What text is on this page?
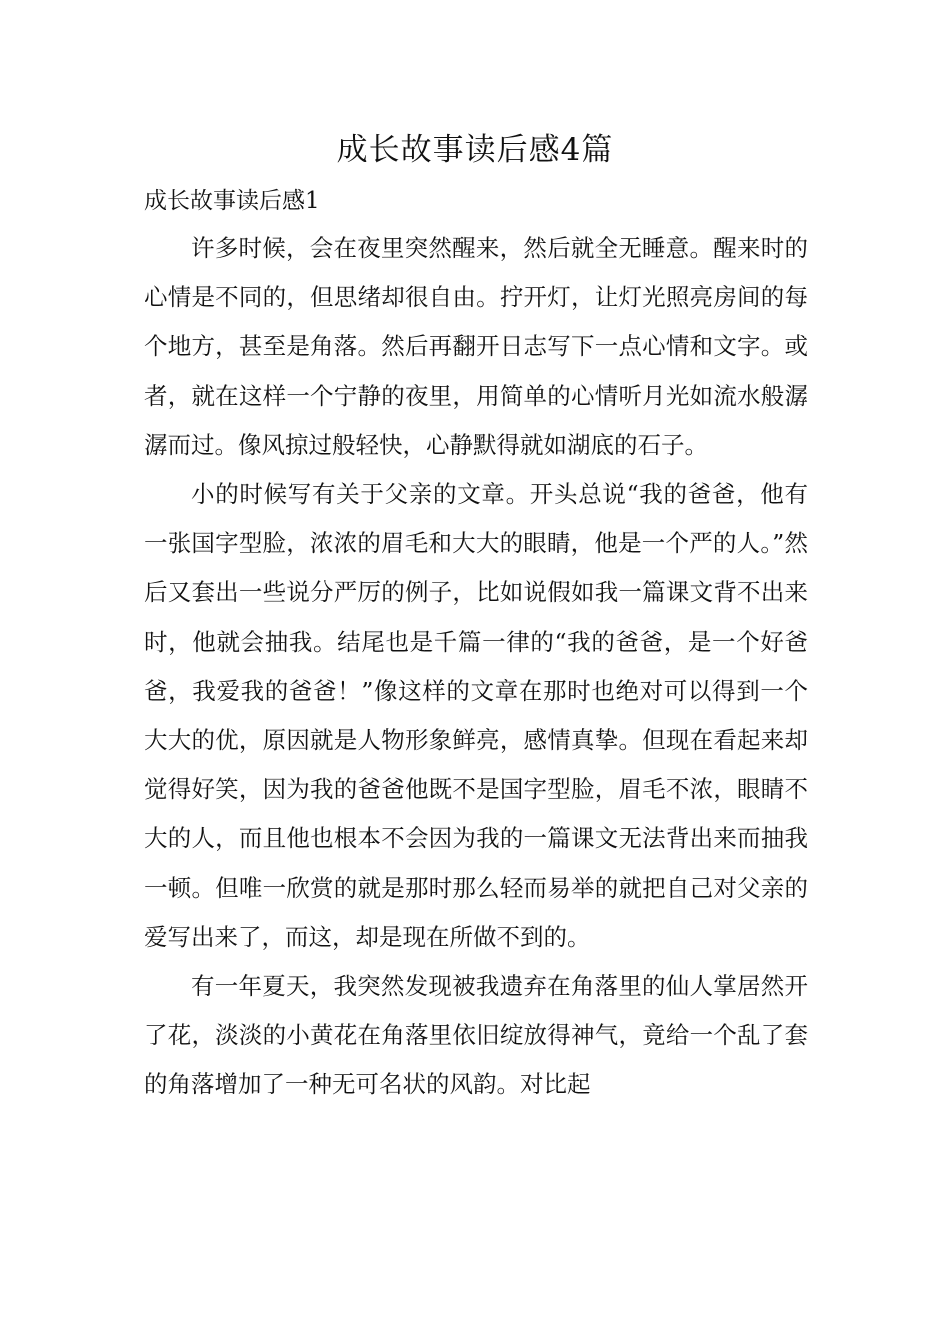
成长故事读后感4篇

成长故事读后感1

许多时候，会在夜里突然醒来，然后就全无睡意。醒来时的心情是不同的，但思绪却很自由。拧开灯，让灯光照亮房间的每个地方，甚至是角落。然后再翻开日志写下一点心情和文字。或者，就在这样一个宁静的夜里，用简单的心情听月光如流水般潺潺而过。像风掠过般轻快，心静默得就如湖底的石子。

小的时候写有关于父亲的文章。开头总说“我的爸爸，他有一张国字型脸，浓浓的眉毛和大大的眼睛，他是一个严的人。”然后又套出一些说分严厉的例子，比如说假如我一篇课文背不出来时，他就会抽我。结尾也是千篇一律的“我的爸爸，是一个好爸爸，我爱我的爸爸！”像这样的文章在那时也绝对可以得到一个大大的优，原因就是人物形象鲜亮，感情真挚。但现在看起来却觉得好笑，因为我的爸爸他既不是国字型脸，眉毛不浓，眼睛不大的人，而且他也根本不会因为我的一篇课文无法背出来而抽我一顿。但唯一欣赏的就是那时那么轻而易举的就把自己对父亲的爱写出来了，而这，却是现在所做不到的。

有一年夏天，我突然发现被我遗弃在角落里的仙人掌居然开了花，淡淡的小黄花在角落里依旧绽放得神气，竟给一个乱了套的角落增加了一种无可名状的风韵。对比起
